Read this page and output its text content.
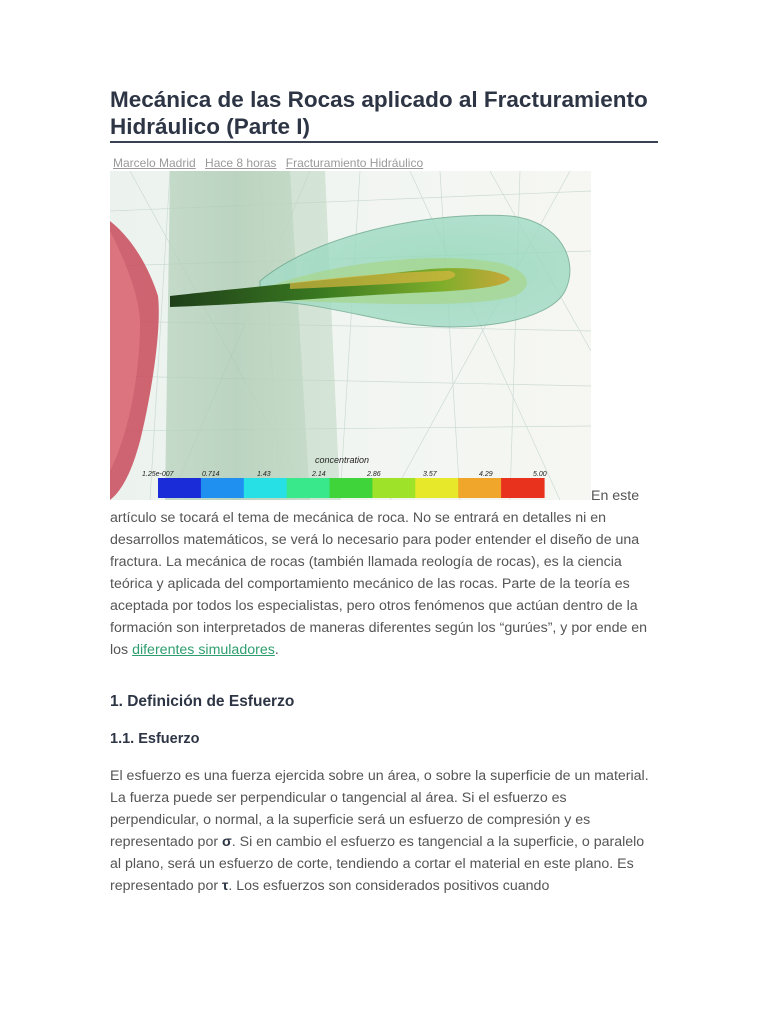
Mecánica de las Rocas aplicado al Fracturamiento Hidráulico (Parte I)
Marcelo Madrid Hace 8 horas Fracturamiento Hidráulico
concentration
1.25e-007	0.714	1.43	2.14	2.86	3.57	4.29	5.00
En este

artículo se tocará el tema de mecánica de roca. No se entrará en detalles ni en desarrollos matemáticos, se verá lo necesario para poder entender el diseño de una fractura. La mecánica de rocas (también llamada reología de rocas), es la ciencia teórica y aplicada del comportamiento mecánico de las rocas. Parte de la teoría es aceptada por todos los especialistas, pero otros fenómenos que actúan dentro de la formación son interpretados de maneras diferentes según los “gurúes”, y por ende en los diferentes simuladores.

1. Definición de Esfuerzo
1.1. Esfuerzo

El esfuerzo es una fuerza ejercida sobre un área, o sobre la superficie de un material. La fuerza puede ser perpendicular o tangencial al área. Si el esfuerzo es perpendicular, o normal, a la superficie será un esfuerzo de compresión y es representado por σ. Si en cambio el esfuerzo es tangencial a la superficie, o paralelo al plano, será un esfuerzo de corte, tendiendo a cortar el material en este plano. Es representado por τ. Los esfuerzos son considerados positivos cuando
